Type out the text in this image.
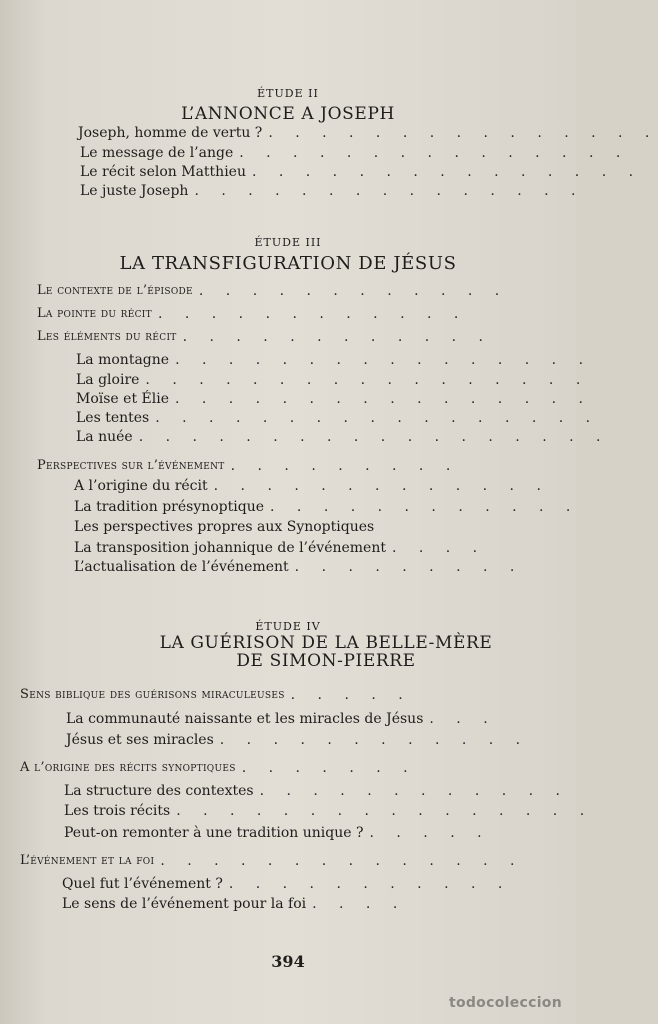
ÉTUDE II
L’ANNONCE A JOSEPH
Joseph, homme de vertu ? . . . . . . . . . . . . . . .
Le message de l’ange . . . . . . . . . . . . . . .
Le récit selon Matthieu . . . . . . . . . . . . . . .
Le juste Joseph . . . . . . . . . . . . . . .
ÉTUDE III
LA TRANSFIGURATION DE JÉSUS
Le contexte de l’épisode . . . . . . . . . . . .
La pointe du récit . . . . . . . . . . . .
Les éléments du récit . . . . . . . . . . . .
La montagne . . . . . . . . . . . . . . . .
La gloire . . . . . . . . . . . . . . . . .
Moïse et Élie . . . . . . . . . . . . . . . .
Les tentes . . . . . . . . . . . . . . . . .
La nuée . . . . . . . . . . . . . . . . . .
Perspectives sur l’événement . . . . . . . . .
A l’origine du récit . . . . . . . . . . . . .
La tradition présynoptique . . . . . . . . . . . .
Les perspectives propres aux Synoptiques
La transposition johannique de l’événement . . . .
L’actualisation de l’événement . . . . . . . . .
ÉTUDE IV
LA GUÉRISON DE LA BELLE-MÈRE
DE SIMON-PIERRE
Sens biblique des guérisons miraculeuses . . . . .
La communauté naissante et les miracles de Jésus . . .
Jésus et ses miracles . . . . . . . . . . . .
A l’origine des récits synoptiques . . . . . . .
La structure des contextes . . . . . . . . . . . .
Les trois récits . . . . . . . . . . . . . . . .
Peut-on remonter à une tradition unique ? . . . . .
L’événement et la foi . . . . . . . . . . . . . .
Quel fut l’événement ? . . . . . . . . . . .
Le sens de l’événement pour la foi . . . .
394
todocoleccion
